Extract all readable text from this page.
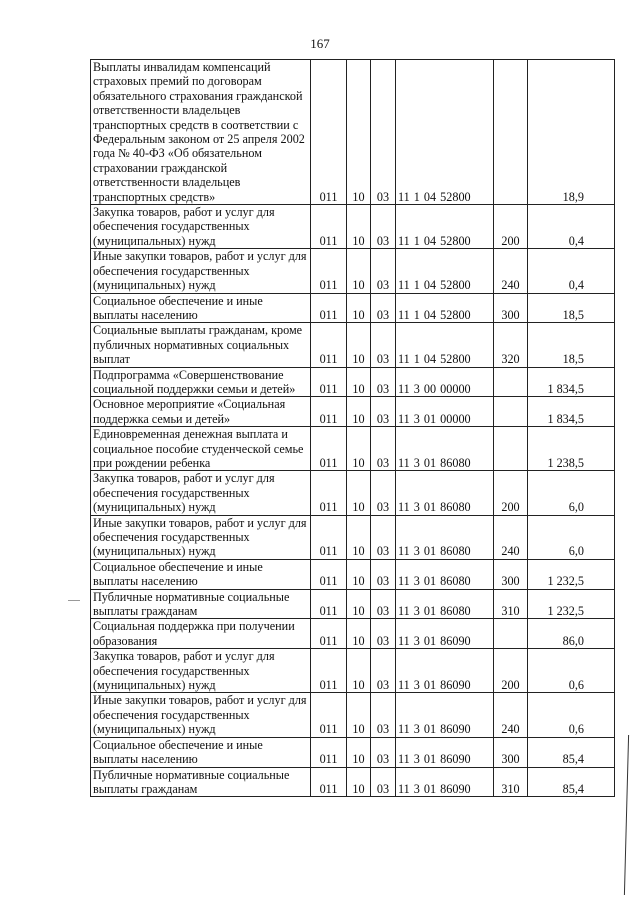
167
Выплаты инвалидам компенсаций страховых премий по договорам обязательного страхования гражданской ответственности владельцев транспортных средств в соответствии с Федеральным законом от 25 апреля 2002 года № 40-ФЗ «Об обязательном страховании гражданской ответственности владельцев транспортных средств»	011	10	03	11 1 04 52800		18,9
Закупка товаров, работ и услуг для обеспечения государственных (муниципальных) нужд	011	10	03	11 1 04 52800	200	0,4
Иные закупки товаров, работ и услуг для обеспечения государственных (муниципальных) нужд	011	10	03	11 1 04 52800	240	0,4
Социальное обеспечение и иные выплаты населению	011	10	03	11 1 04 52800	300	18,5
Социальные выплаты гражданам, кроме публичных нормативных социальных выплат	011	10	03	11 1 04 52800	320	18,5
Подпрограмма «Совершенствование социальной поддержки семьи и детей»	011	10	03	11 3 00 00000		1 834,5
Основное мероприятие «Социальная поддержка семьи и детей»	011	10	03	11 3 01 00000		1 834,5
Единовременная денежная выплата и социальное пособие студенческой семье при рождении ребенка	011	10	03	11 3 01 86080		1 238,5
Закупка товаров, работ и услуг для обеспечения государственных (муниципальных) нужд	011	10	03	11 3 01 86080	200	6,0
Иные закупки товаров, работ и услуг для обеспечения государственных (муниципальных) нужд	011	10	03	11 3 01 86080	240	6,0
Социальное обеспечение и иные выплаты населению	011	10	03	11 3 01 86080	300	1 232,5
Публичные нормативные социальные выплаты гражданам	011	10	03	11 3 01 86080	310	1 232,5
Социальная поддержка при получении образования	011	10	03	11 3 01 86090		86,0
Закупка товаров, работ и услуг для обеспечения государственных (муниципальных) нужд	011	10	03	11 3 01 86090	200	0,6
Иные закупки товаров, работ и услуг для обеспечения государственных (муниципальных) нужд	011	10	03	11 3 01 86090	240	0,6
Социальное обеспечение и иные выплаты населению	011	10	03	11 3 01 86090	300	85,4
Публичные нормативные социальные выплаты гражданам	011	10	03	11 3 01 86090	310	85,4
